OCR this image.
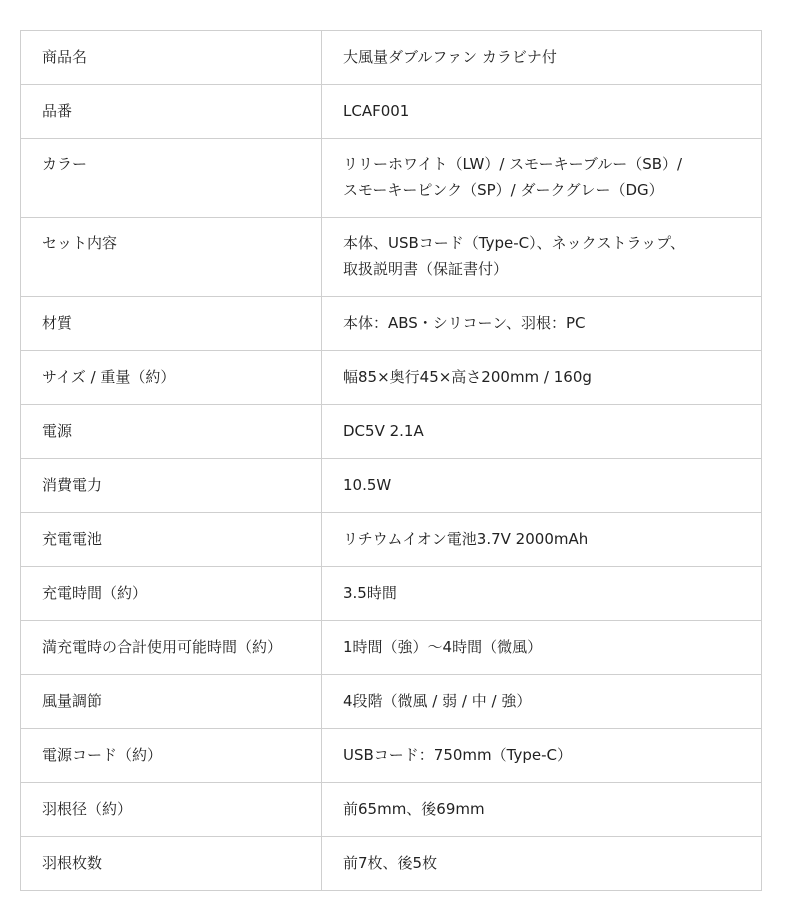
商品名	大風量ダブルファン カラビナ付

品番	LCAF001

カラー	リリーホワイト（LW）/ スモーキーブルー（SB）/
スモーキーピンク（SP）/ ダークグレー（DG）

セット内容	本体、USBコード（Type-C）、ネックストラップ、
取扱説明書（保証書付）

材質	本体：ABS・シリコーン、羽根：PC

サイズ / 重量（約）	幅85×奥行45×高さ200mm / 160g

電源	DC5V 2.1A

消費電力	10.5W

充電電池	リチウムイオン電池3.7V 2000mAh

充電時間（約）	3.5時間

満充電時の合計使用可能時間（約）	1時間（強）〜4時間（微風）

風量調節	4段階（微風 / 弱 / 中 / 強）

電源コード（約）	USBコード：750mm（Type-C）

羽根径（約）	前65mm、後69mm

羽根枚数	前7枚、後5枚
